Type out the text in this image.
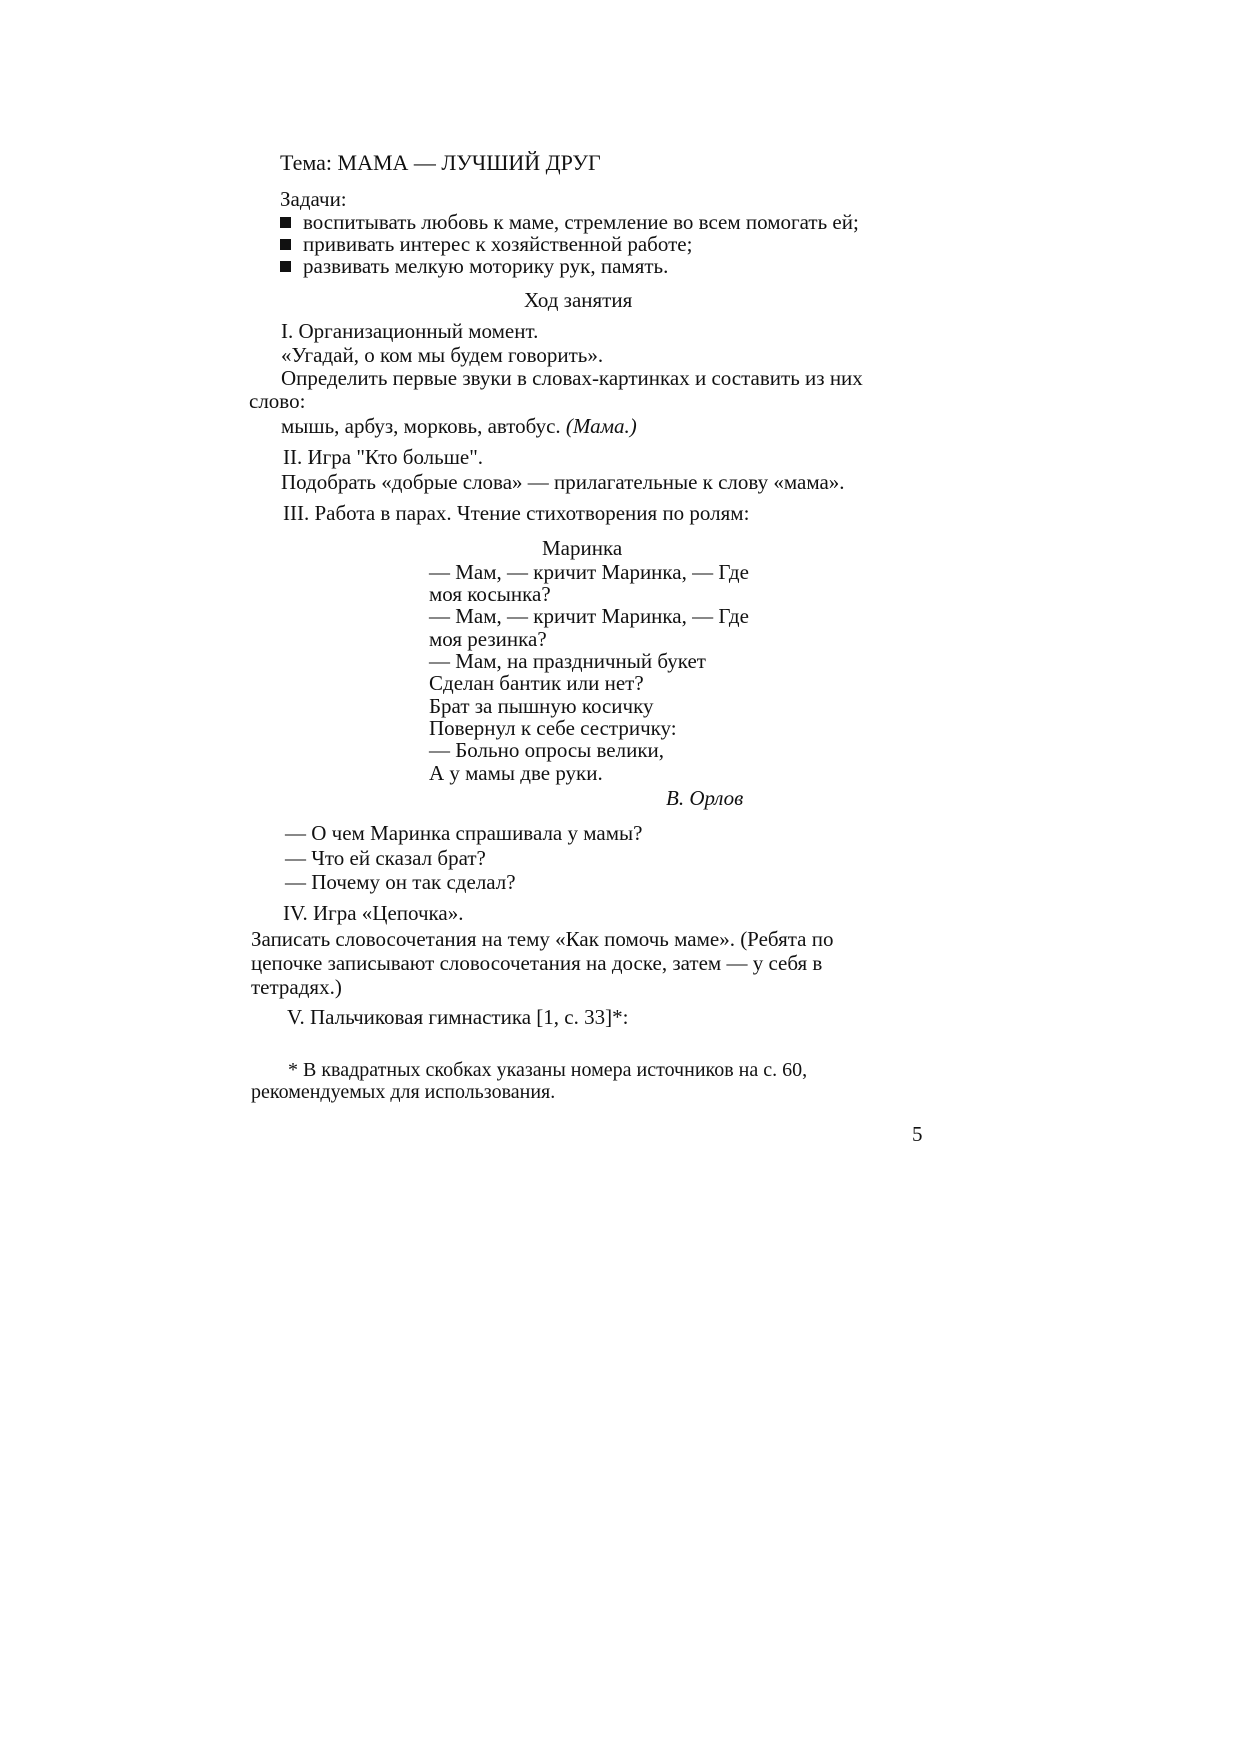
Тема: МАМА — ЛУЧШИЙ ДРУГ
Задачи:
воспитывать любовь к маме, стремление во всем помогать ей;
прививать интерес к хозяйственной работе;
развивать мелкую моторику рук, память.
Ход занятия
I. Организационный момент.
«Угадай, о ком мы будем говорить».
Определить первые звуки в словах-картинках и составить из них
слово:
мышь, арбуз, морковь, автобус. (Мама.)
II. Игра "Кто больше".
Подобрать «добрые слова» — прилагательные к слову «мама».
III. Работа в парах. Чтение стихотворения по ролям:
Маринка
— Мам, — кричит Маринка, — Где
моя косынка?
— Мам, — кричит Маринка, — Где
моя резинка?
— Мам, на праздничный букет
Сделан бантик или нет?
Брат за пышную косичку
Повернул к себе сестричку:
— Больно опросы велики,
А у мамы две руки.
В. Орлов
— О чем Маринка спрашивала у мамы?
— Что ей сказал брат?
— Почему он так сделал?
IV. Игра «Цепочка».
Записать словосочетания на тему «Как помочь маме». (Ребята по
цепочке записывают словосочетания на доске, затем — у себя в
тетрадях.)
V. Пальчиковая гимнастика [1, с. 33]*:
* В квадратных скобках указаны номера источников на с. 60,
рекомендуемых для использования.
5
